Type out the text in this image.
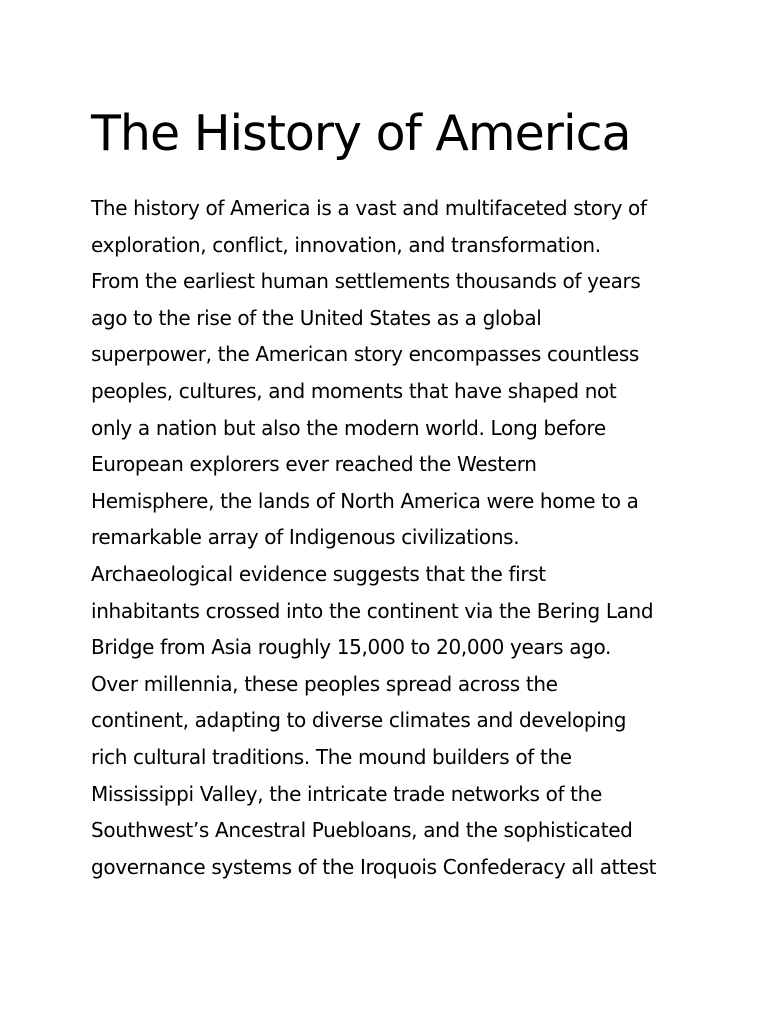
The History of America
The history of America is a vast and multifaceted story of
exploration, conflict, innovation, and transformation.
From the earliest human settlements thousands of years
ago to the rise of the United States as a global
superpower, the American story encompasses countless
peoples, cultures, and moments that have shaped not
only a nation but also the modern world. Long before
European explorers ever reached the Western
Hemisphere, the lands of North America were home to a
remarkable array of Indigenous civilizations.
Archaeological evidence suggests that the first
inhabitants crossed into the continent via the Bering Land
Bridge from Asia roughly 15,000 to 20,000 years ago.
Over millennia, these peoples spread across the
continent, adapting to diverse climates and developing
rich cultural traditions. The mound builders of the
Mississippi Valley, the intricate trade networks of the
Southwest’s Ancestral Puebloans, and the sophisticated
governance systems of the Iroquois Confederacy all attest
